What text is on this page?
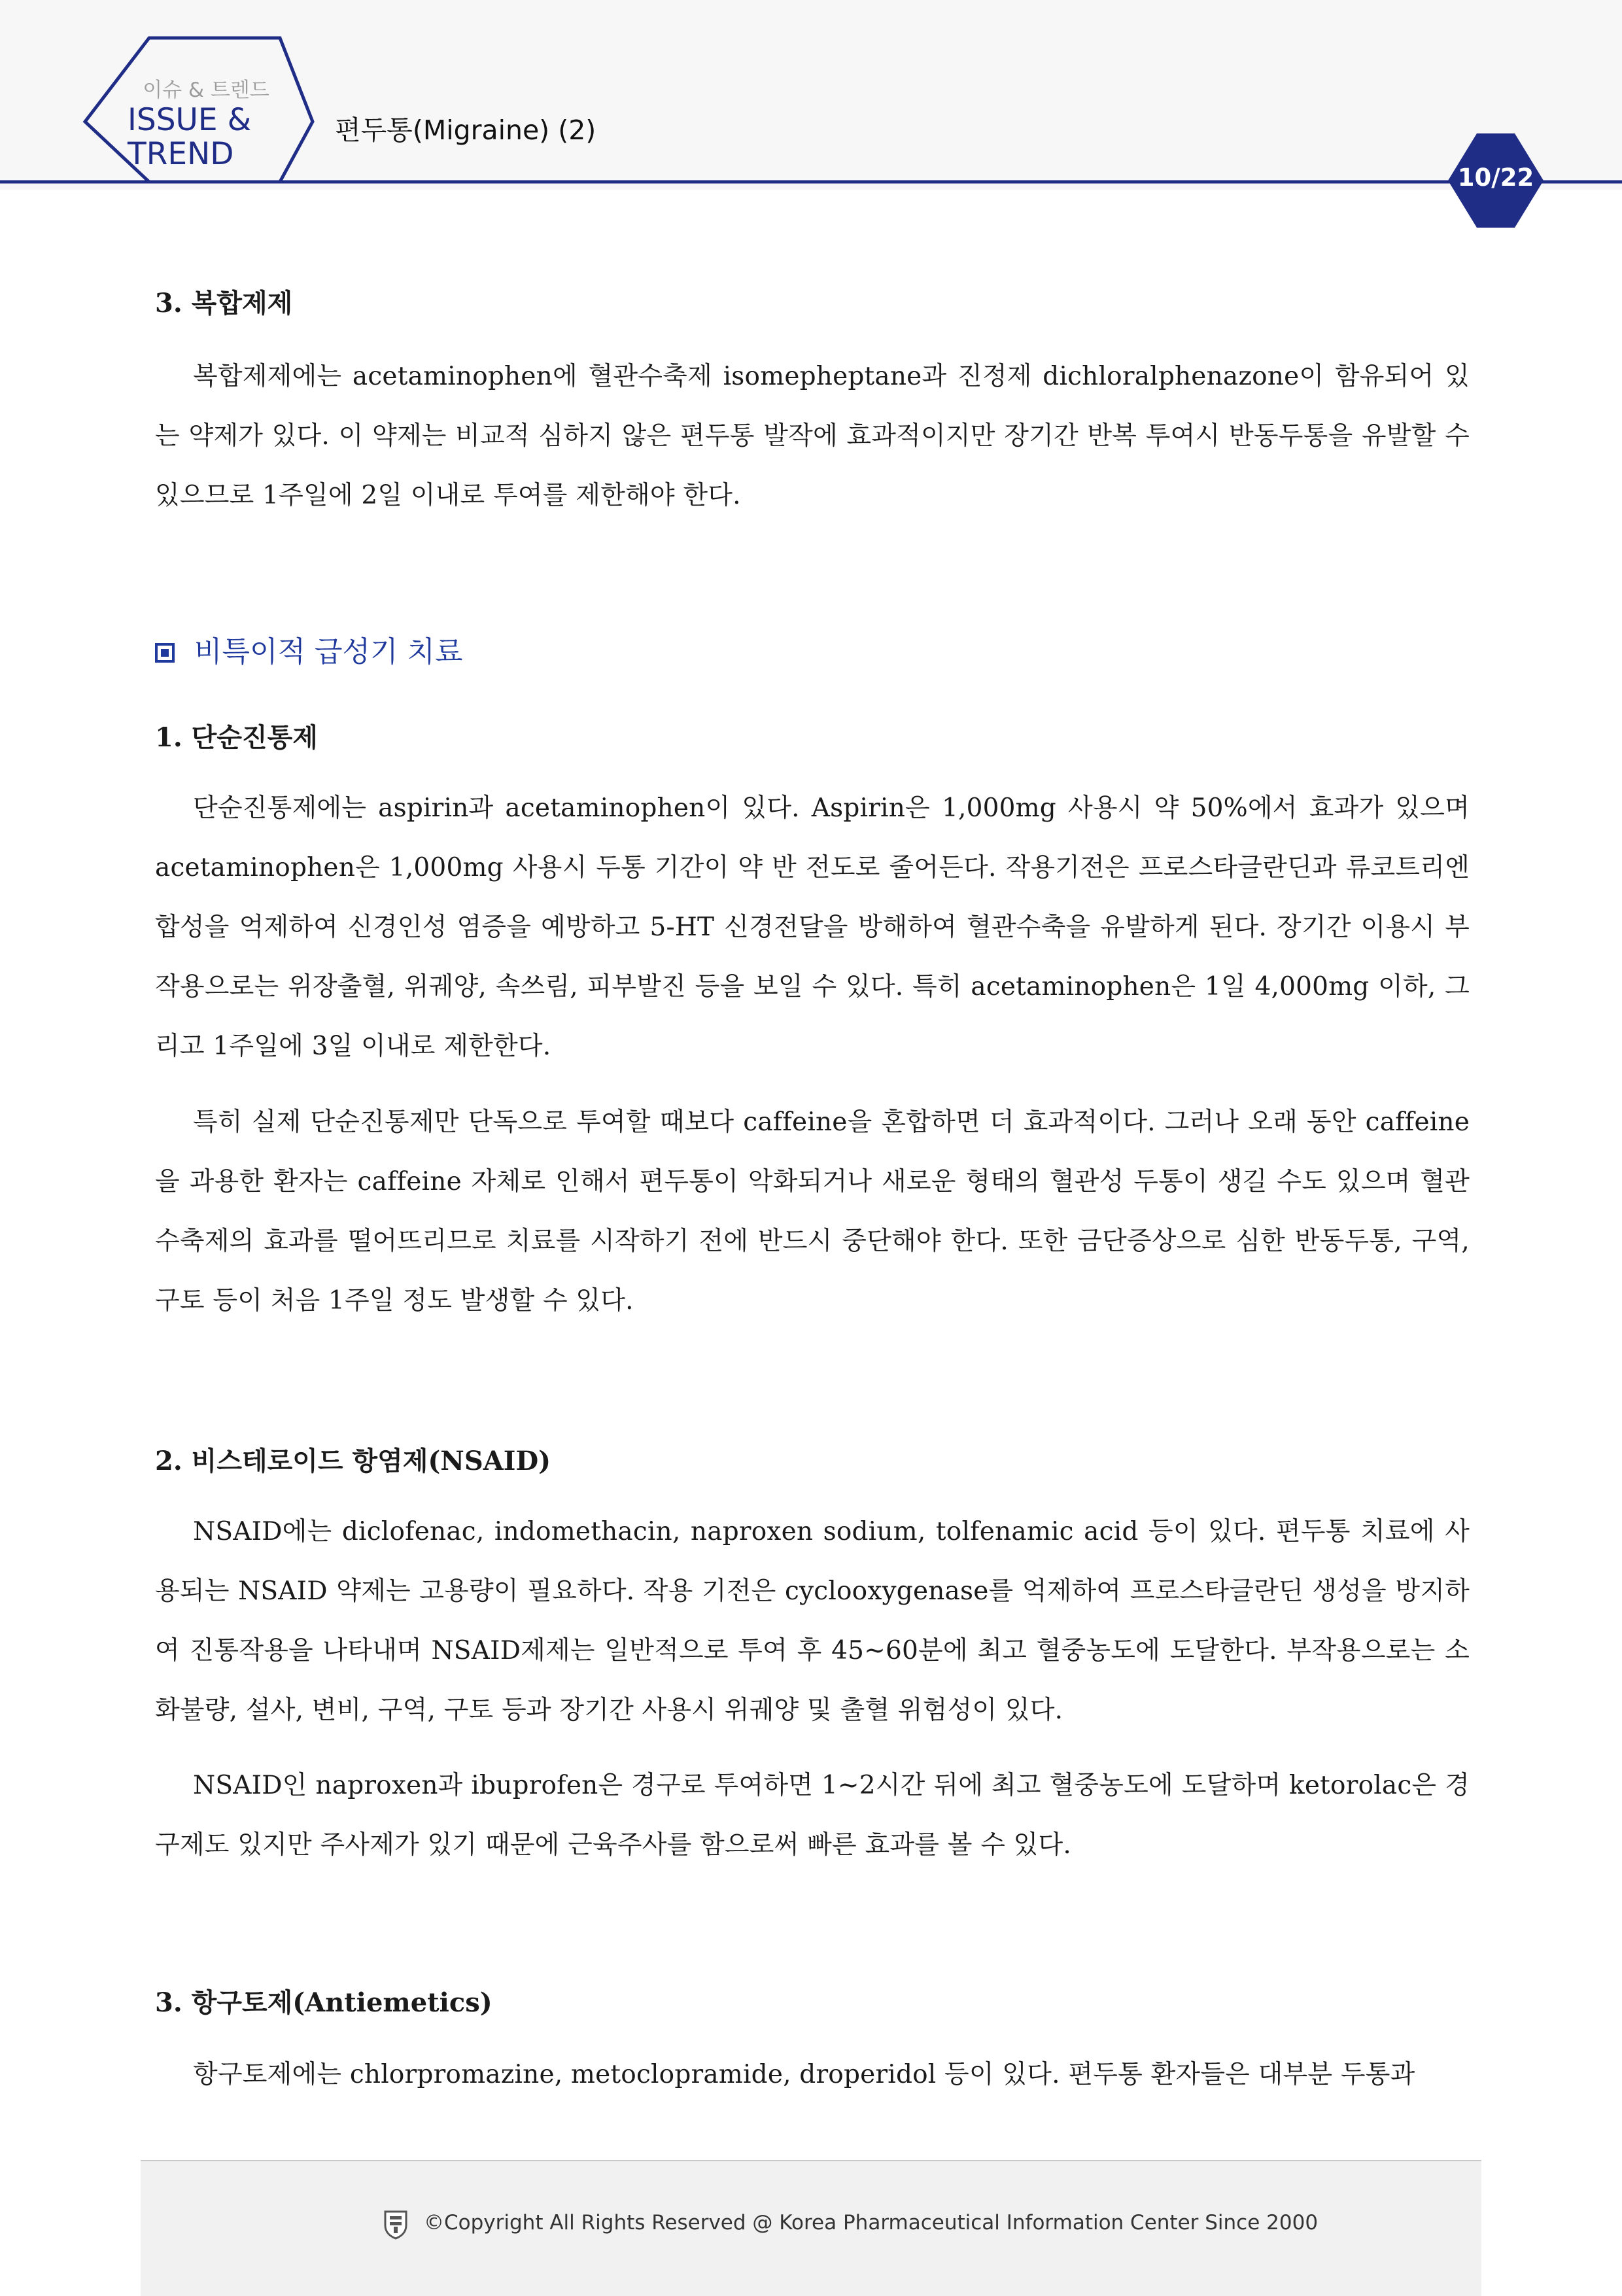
이슈 & 트렌드
ISSUE &
TREND
편두통(Migraine) (2)
10/22
3. 복합제제
복합제제에는 acetaminophen에 혈관수축제 isomepheptane과 진정제 dichloralphenazone이 함유되어 있는 약제가 있다. 이 약제는 비교적 심하지 않은 편두통 발작에 효과적이지만 장기간 반복 투여시 반동두통을 유발할 수 있으므로 1주일에 2일 이내로 투여를 제한해야 한다.
비특이적 급성기 치료
1. 단순진통제
단순진통제에는 aspirin과 acetaminophen이 있다. Aspirin은 1,000mg 사용시 약 50%에서 효과가 있으며 acetaminophen은 1,000mg 사용시 두통 기간이 약 반 전도로 줄어든다. 작용기전은 프로스타글란딘과 류코트리엔 합성을 억제하여 신경인성 염증을 예방하고 5-HT 신경전달을 방해하여 혈관수축을 유발하게 된다. 장기간 이용시 부작용으로는 위장출혈, 위궤양, 속쓰림, 피부발진 등을 보일 수 있다. 특히 acetaminophen은 1일 4,000mg 이하, 그리고 1주일에 3일 이내로 제한한다.
특히 실제 단순진통제만 단독으로 투여할 때보다 caffeine을 혼합하면 더 효과적이다. 그러나 오래 동안 caffeine을 과용한 환자는 caffeine 자체로 인해서 편두통이 악화되거나 새로운 형태의 혈관성 두통이 생길 수도 있으며 혈관수축제의 효과를 떨어뜨리므로 치료를 시작하기 전에 반드시 중단해야 한다. 또한 금단증상으로 심한 반동두통, 구역, 구토 등이 처음 1주일 정도 발생할 수 있다.
2. 비스테로이드 항염제(NSAID)
NSAID에는 diclofenac, indomethacin, naproxen sodium, tolfenamic acid 등이 있다. 편두통 치료에 사용되는 NSAID 약제는 고용량이 필요하다. 작용 기전은 cyclooxygenase를 억제하여 프로스타글란딘 생성을 방지하여 진통작용을 나타내며 NSAID제제는 일반적으로 투여 후 45~60분에 최고 혈중농도에 도달한다. 부작용으로는 소화불량, 설사, 변비, 구역, 구토 등과 장기간 사용시 위궤양 및 출혈 위험성이 있다.
NSAID인 naproxen과 ibuprofen은 경구로 투여하면 1~2시간 뒤에 최고 혈중농도에 도달하며 ketorolac은 경구제도 있지만 주사제가 있기 때문에 근육주사를 함으로써 빠른 효과를 볼 수 있다.
3. 항구토제(Antiemetics)
항구토제에는 chlorpromazine, metoclopramide, droperidol 등이 있다. 편두통 환자들은 대부분 두통과
©Copyright All Rights Reserved @ Korea Pharmaceutical Information Center Since 2000
